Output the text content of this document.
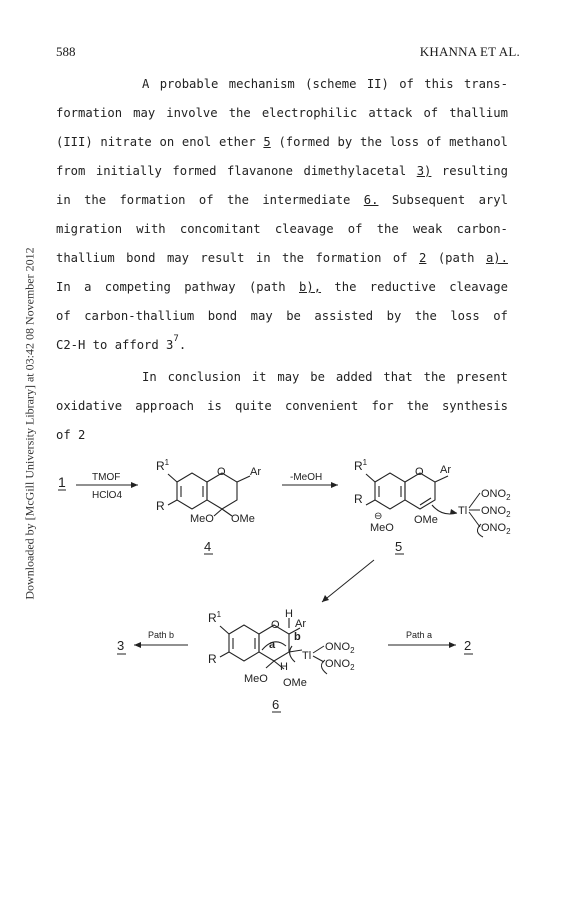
588	KHANNA ET AL.
Downloaded by [McGill University Library] at 03:42 08 November 2012
A probable mechanism (scheme II) of this trans-
formation may involve the electrophilic attack of thallium
(III) nitrate on enol ether 5 (formed by the loss of methanol
from initially formed flavanone dimethylacetal 3) resulting
in the formation of the intermediate 6. Subsequent aryl
migration with concomitant cleavage of the weak carbon-
thallium bond may result in the formation of 2 (path a).
In a competing pathway (path b), the reductive cleavage
of carbon-thallium bond may be assisted by the loss of
C2-H to afford 3 7 .
In conclusion it may be added that the present
oxidative approach is quite convenient for the synthesis
of 2
1	TMOF
HClO4
$R^1$
R
O Ar
MeO OMe
4
-MeOH
$R^1$
R
O Ar
⊖	OMe
MeO
Tl
$ONO_2$
$ONO_2$
$ONO_2$
5
3
Path b
$R^1$
R
O
H
Ar
b
a
Tl
H
$ONO_2$
$ONO_2$
MeO OMe
6
Path a
2
